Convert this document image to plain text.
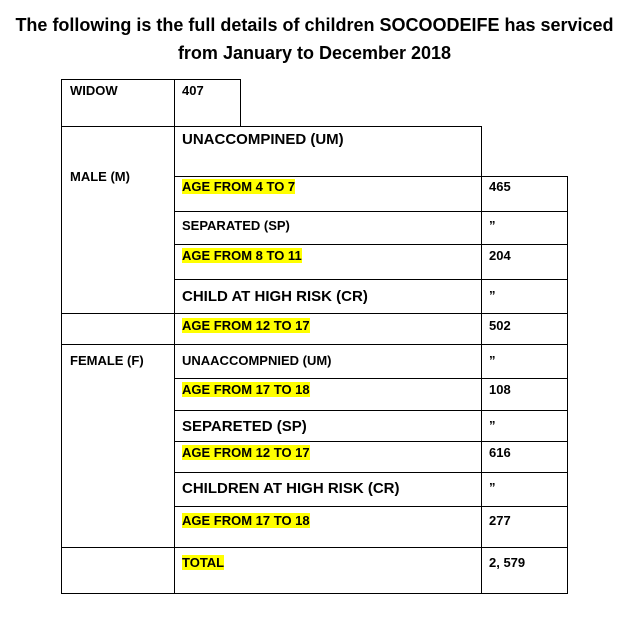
The following is the full details of children SOCOODEIFE has serviced
from January to December 2018
WIDOW	407
MALE (M)
FEMALE (F)
UNACCOMPINED (UM)
AGE FROM 4 TO 7
SEPARATED (SP)
AGE FROM 8 TO 11
CHILD AT HIGH RISK (CR)
AGE FROM 12 TO 17
UNAACCOMPNIED (UM)
AGE FROM 17 TO 18
SEPARETED (SP)
AGE FROM 12 TO 17
CHILDREN AT HIGH RISK (CR)
AGE FROM 17 TO 18
TOTAL
465
”
204
”
502
”
108
”
616
”
277
2, 579
